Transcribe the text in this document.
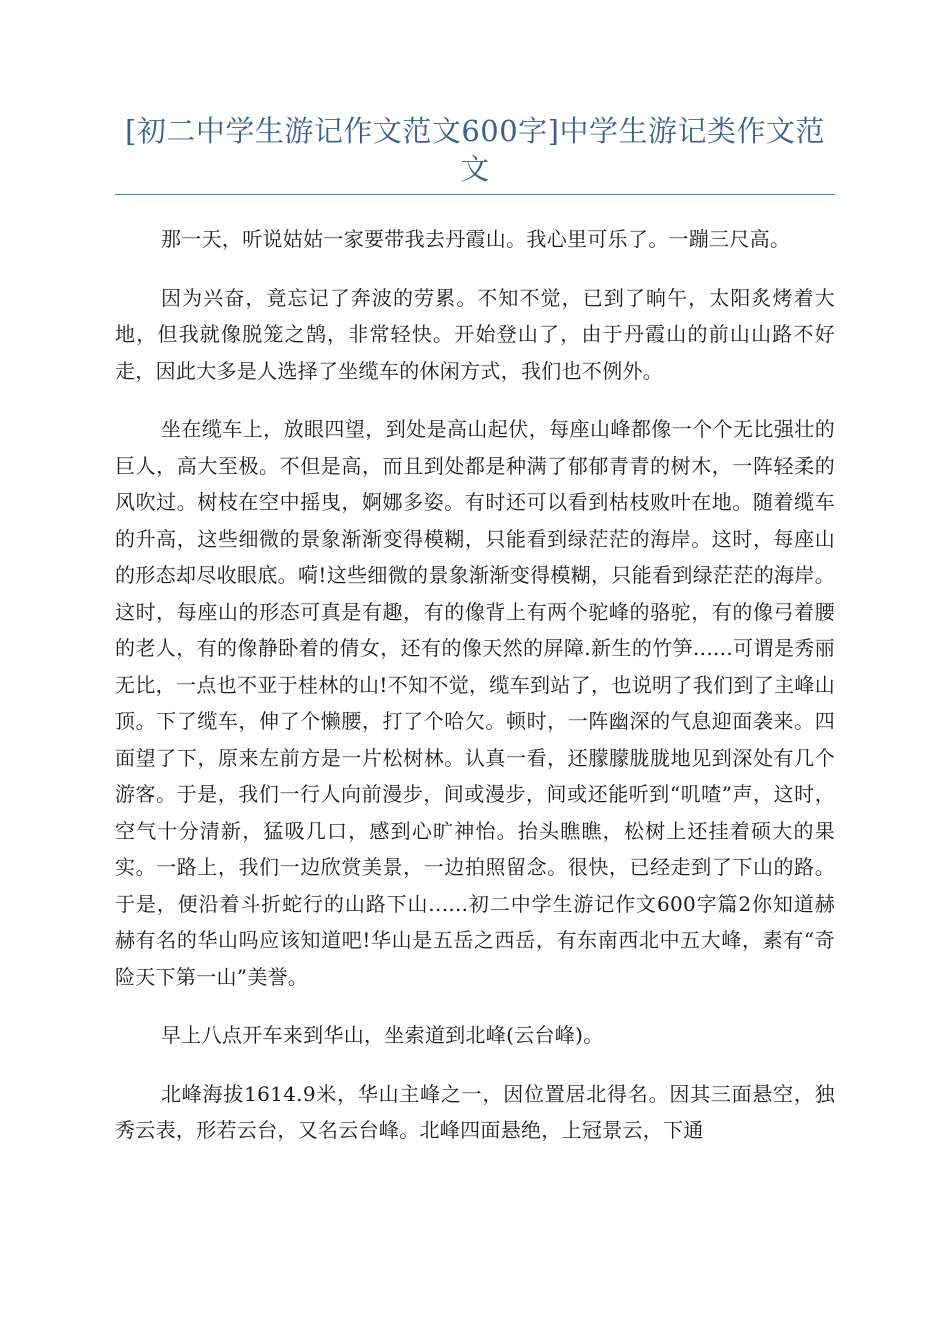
[初二中学生游记作文范文600字]中学生游记类作文范文

那一天，听说姑姑一家要带我去丹霞山。我心里可乐了。一蹦三尺高。

因为兴奋，竟忘记了奔波的劳累。不知不觉，已到了晌午，太阳炙烤着大地，但我就像脱笼之鹄，非常轻快。开始登山了，由于丹霞山的前山山路不好走，因此大多是人选择了坐缆车的休闲方式，我们也不例外。

坐在缆车上，放眼四望，到处是高山起伏，每座山峰都像一个个无比强壮的巨人，高大至极。不但是高，而且到处都是种满了郁郁青青的树木，一阵轻柔的风吹过。树枝在空中摇曳，婀娜多姿。有时还可以看到枯枝败叶在地。随着缆车的升高，这些细微的景象渐渐变得模糊，只能看到绿茫茫的海岸。这时，每座山的形态却尽收眼底。嗬!这些细微的景象渐渐变得模糊，只能看到绿茫茫的海岸。这时，每座山的形态可真是有趣，有的像背上有两个驼峰的骆驼，有的像弓着腰的老人，有的像静卧着的倩女，还有的像天然的屏障.新生的竹笋......可谓是秀丽无比，一点也不亚于桂林的山!不知不觉，缆车到站了，也说明了我们到了主峰山顶。下了缆车，伸了个懒腰，打了个哈欠。顿时，一阵幽深的气息迎面袭来。四面望了下，原来左前方是一片松树林。认真一看，还朦朦胧胧地见到深处有几个游客。于是，我们一行人向前漫步，间或漫步，间或还能听到“叽喳”声，这时，空气十分清新，猛吸几口，感到心旷神怡。抬头瞧瞧，松树上还挂着硕大的果实。一路上，我们一边欣赏美景，一边拍照留念。很快，已经走到了下山的路。于是，便沿着斗折蛇行的山路下山......初二中学生游记作文600字篇2你知道赫赫有名的华山吗应该知道吧!华山是五岳之西岳，有东南西北中五大峰，素有“奇险天下第一山”美誉。

早上八点开车来到华山，坐索道到北峰(云台峰)。

北峰海拔1614.9米，华山主峰之一，因位置居北得名。因其三面悬空，独秀云表，形若云台，又名云台峰。北峰四面悬绝，上冠景云，下通
